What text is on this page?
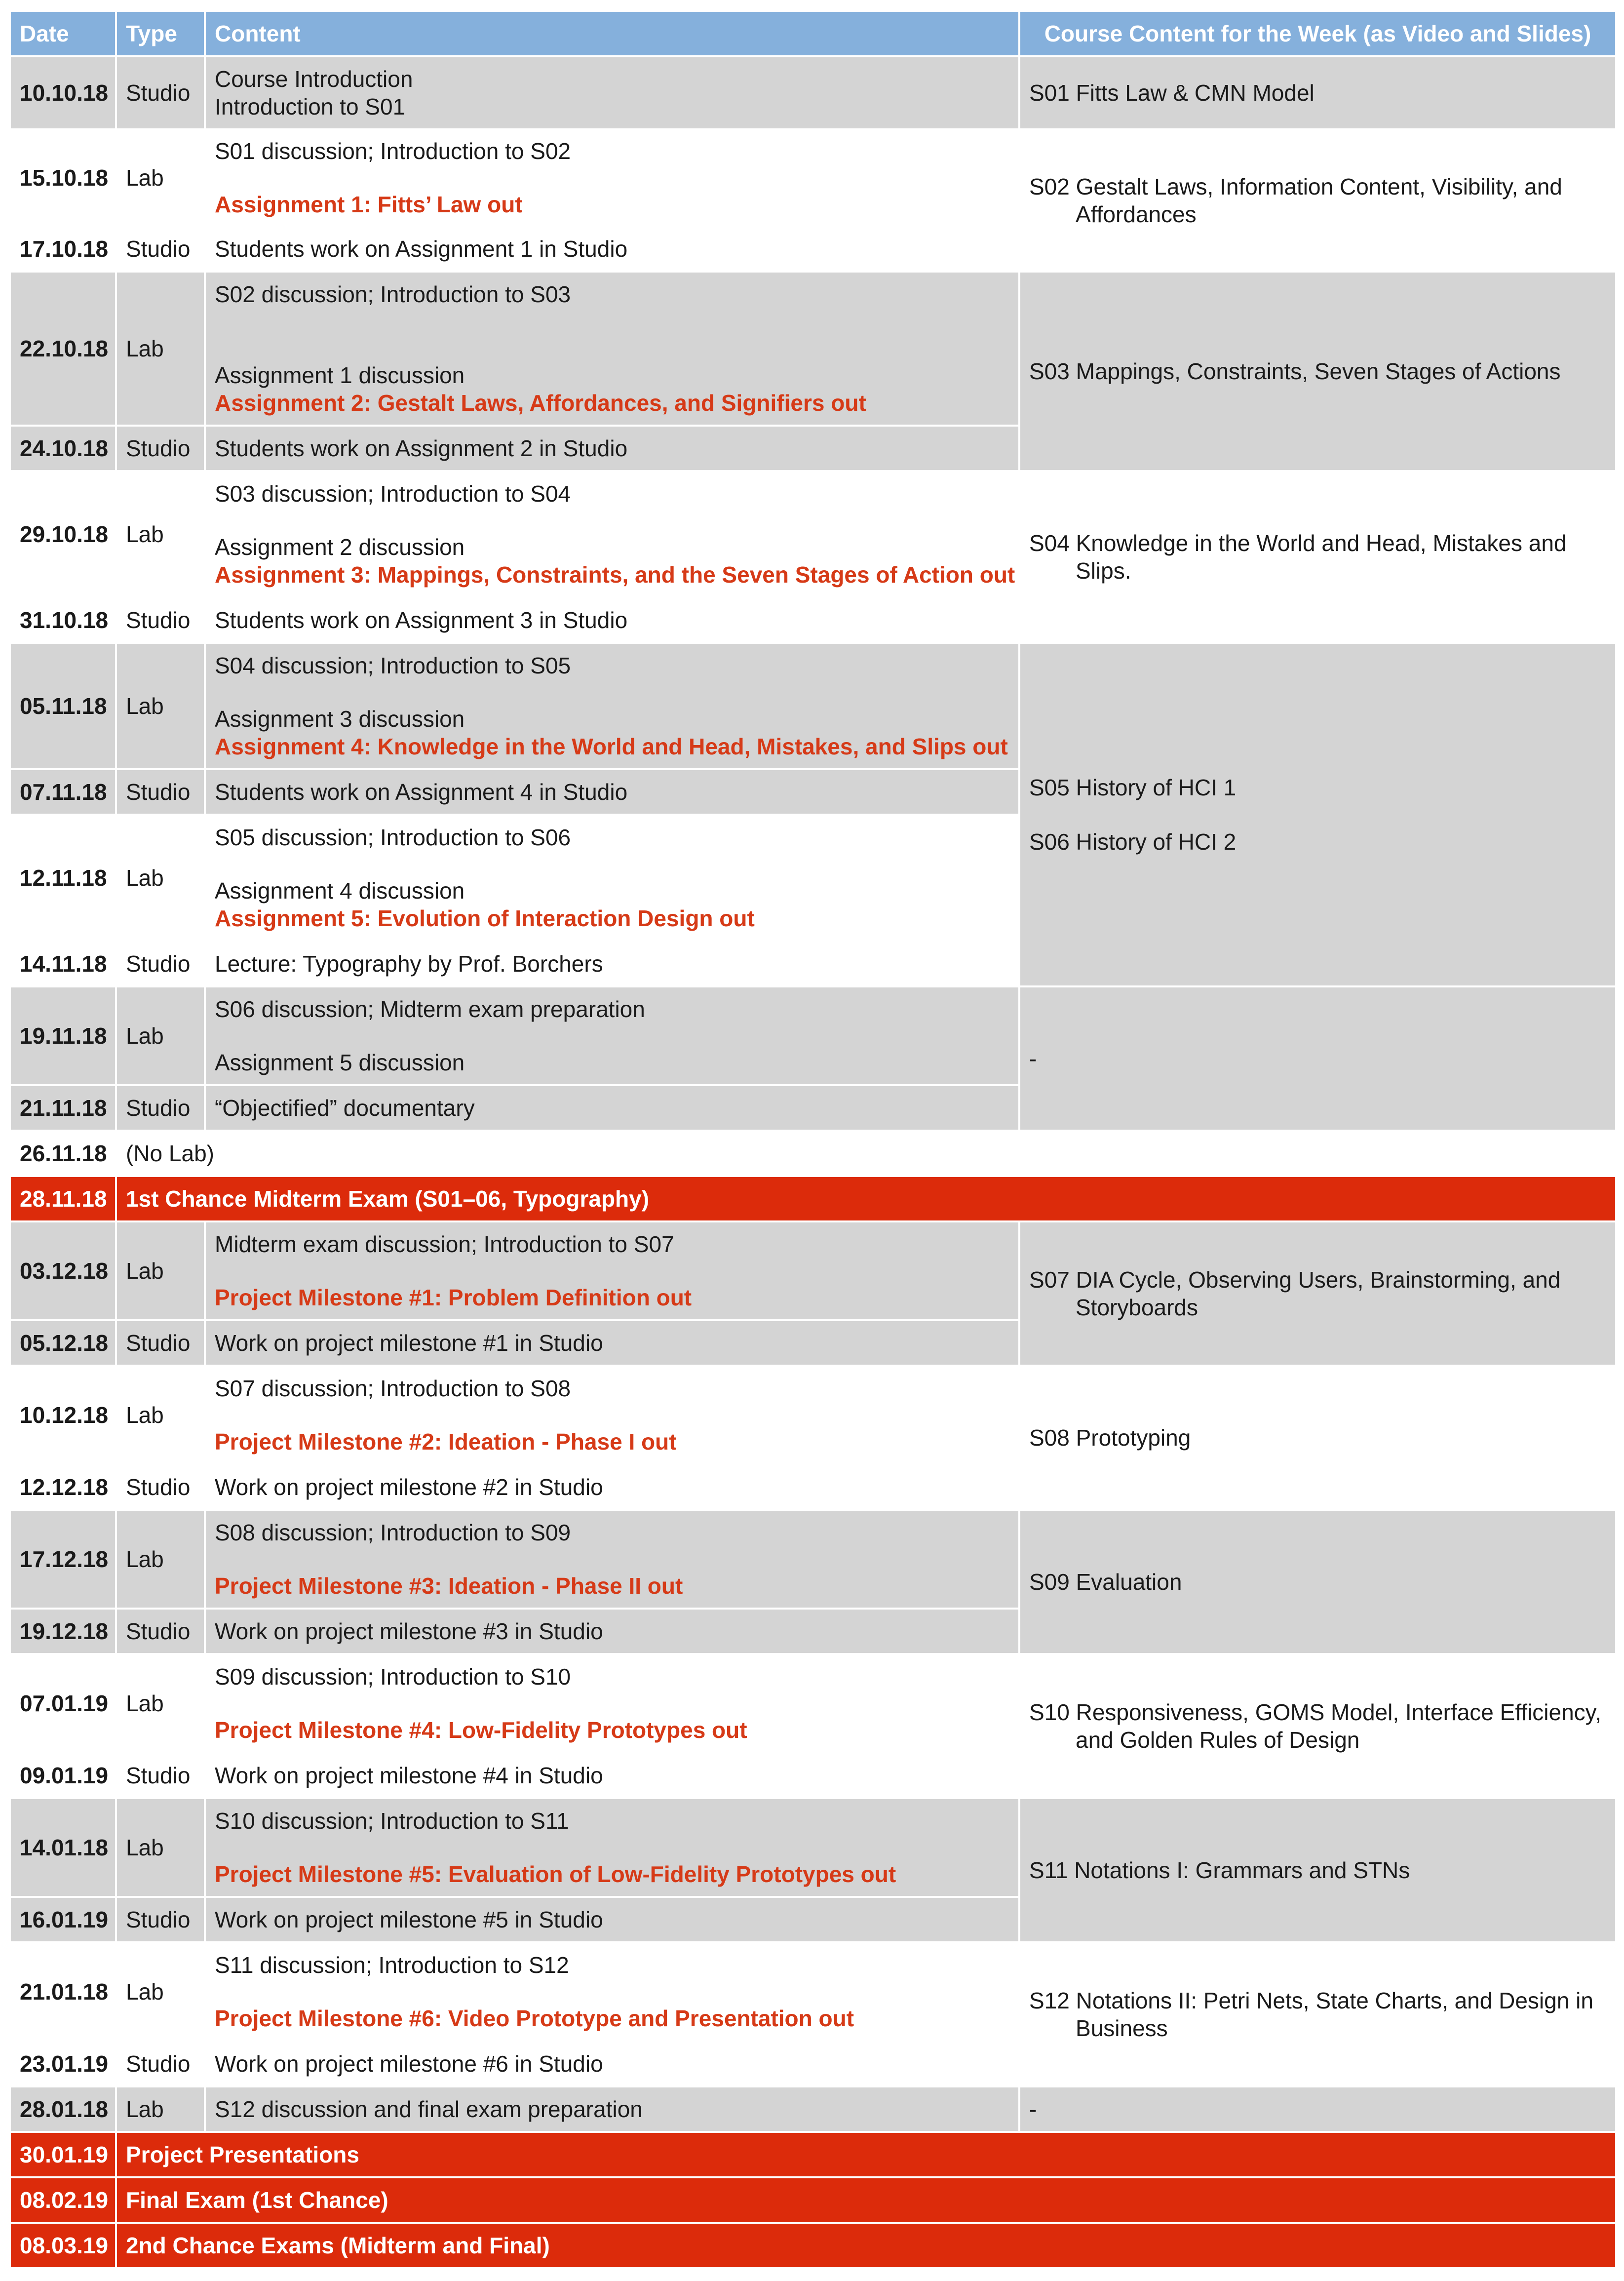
Date	Type	Content	Course Content for the Week (as Video and Slides)
10.10.18	Studio	Course Introduction
Introduction to S01	S01 Fitts Law & CMN Model

15.10.18	Lab	S01 discussion; Introduction to S02
Assignment 1: Fitts’ Law out	S02 Gestalt Laws, Information Content, Visibility, and Affordances

17.10.18	Studio	Students work on Assignment 1 in Studio	

22.10.18	Lab	S02 discussion; Introduction to S03
Assignment 1 discussion
Assignment 2: Gestalt Laws, Affordances, and Signifiers out	S03 Mappings, Constraints, Seven Stages of Actions

24.10.18	Studio	Students work on Assignment 2 in Studio	

29.10.18	Lab	S03 discussion; Introduction to S04
Assignment 2 discussion
Assignment 3: Mappings, Constraints, and the Seven Stages of Action out	S04 Knowledge in the World and Head, Mistakes and Slips.

31.10.18	Studio	Students work on Assignment 3 in Studio	

05.11.18	Lab	S04 discussion; Introduction to S05
Assignment 3 discussion
Assignment 4: Knowledge in the World and Head, Mistakes, and Slips out	S05 History of HCI 1
S06 History of HCI 2

07.11.18	Studio	Students work on Assignment 4 in Studio	

12.11.18	Lab	S05 discussion; Introduction to S06
Assignment 4 discussion
Assignment 5: Evolution of Interaction Design out	

14.11.18	Studio	Lecture: Typography by Prof. Borchers	

19.11.18	Lab	S06 discussion; Midterm exam preparation
Assignment 5 discussion	-
21.11.18	Studio	“Objectified” documentary	

26.11.18	(No Lab)		
28.11.18	1st Chance Midterm Exam (S01–06, Typography)		
03.12.18	Lab	Midterm exam discussion; Introduction to S07
Project Milestone #1: Problem Definition out	S07 DIA Cycle, Observing Users, Brainstorming, and Storyboards

05.12.18	Studio	Work on project milestone #1 in Studio	

10.12.18	Lab	S07 discussion; Introduction to S08
Project Milestone #2: Ideation - Phase I out	S08 Prototyping

12.12.18	Studio	Work on project milestone #2 in Studio	

17.12.18	Lab	S08 discussion; Introduction to S09
Project Milestone #3: Ideation - Phase II out	S09 Evaluation

19.12.18	Studio	Work on project milestone #3 in Studio	

07.01.19	Lab	S09 discussion; Introduction to S10
Project Milestone #4: Low-Fidelity Prototypes out	S10 Responsiveness, GOMS Model, Interface Efficiency, and Golden Rules of Design

09.01.19	Studio	Work on project milestone #4 in Studio	

14.01.18	Lab	S10 discussion; Introduction to S11
Project Milestone #5: Evaluation of Low-Fidelity Prototypes out	S11 Notations I: Grammars and STNs

16.01.19	Studio	Work on project milestone #5 in Studio	

21.01.18	Lab	S11 discussion; Introduction to S12
Project Milestone #6: Video Prototype and Presentation out	S12 Notations II: Petri Nets, State Charts, and Design in Business

23.01.19	Studio	Work on project milestone #6 in Studio	

28.01.18	Lab	S12 discussion and final exam preparation	-
30.01.19	Project Presentations		
08.02.19	Final Exam (1st Chance)		
08.03.19	2nd Chance Exams (Midterm and Final)		
